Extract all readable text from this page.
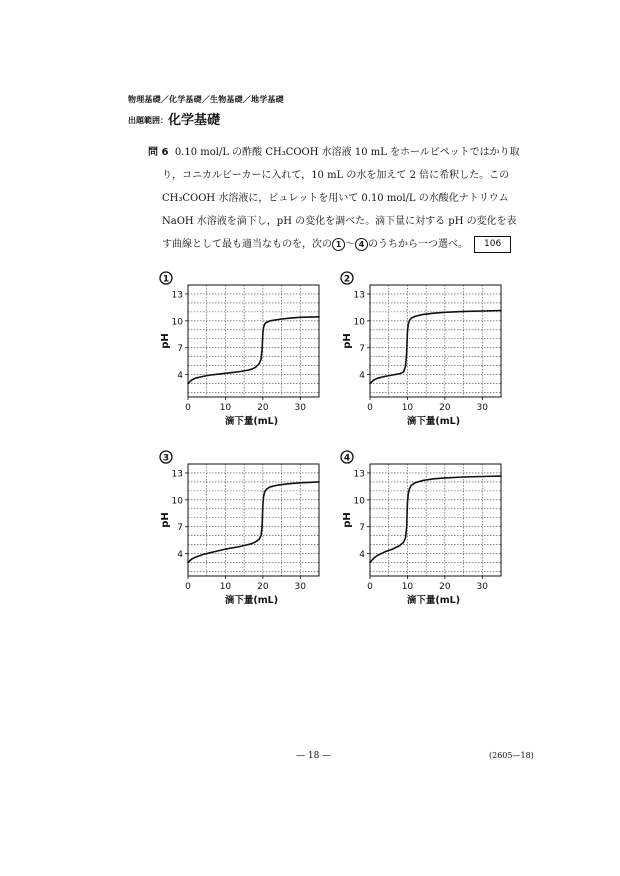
物理基礎／化学基礎／生物基礎／地学基礎
出題範囲：化学基礎
問 6 0.10 mol/L の酢酸 CH₃COOH 水溶液 10 mL をホールピペットではかり取
り，コニカルビーカーに入れて，10 mL の水を加えて 2 倍に希釈した。この
CH₃COOH 水溶液に，ビュレットを用いて 0.10 mol/L の水酸化ナトリウム
NaOH 水溶液を滴下し，pH の変化を調べた。滴下量に対する pH の変化を表
す曲線として最も適当なものを，次の 1 ～ 4 のうちから一つ選べ。 106
4
7
10
13
0	10	20	30
滴下量(mL)
pH
1
4
7
10
13
0	10	20	30
滴下量(mL)
pH
2
4
7
10
13
0	10	20	30
滴下量(mL)
pH
3
4
7
10
13
0	10	20	30
滴下量(mL)
pH
4
— 18 —	(2605—18)
